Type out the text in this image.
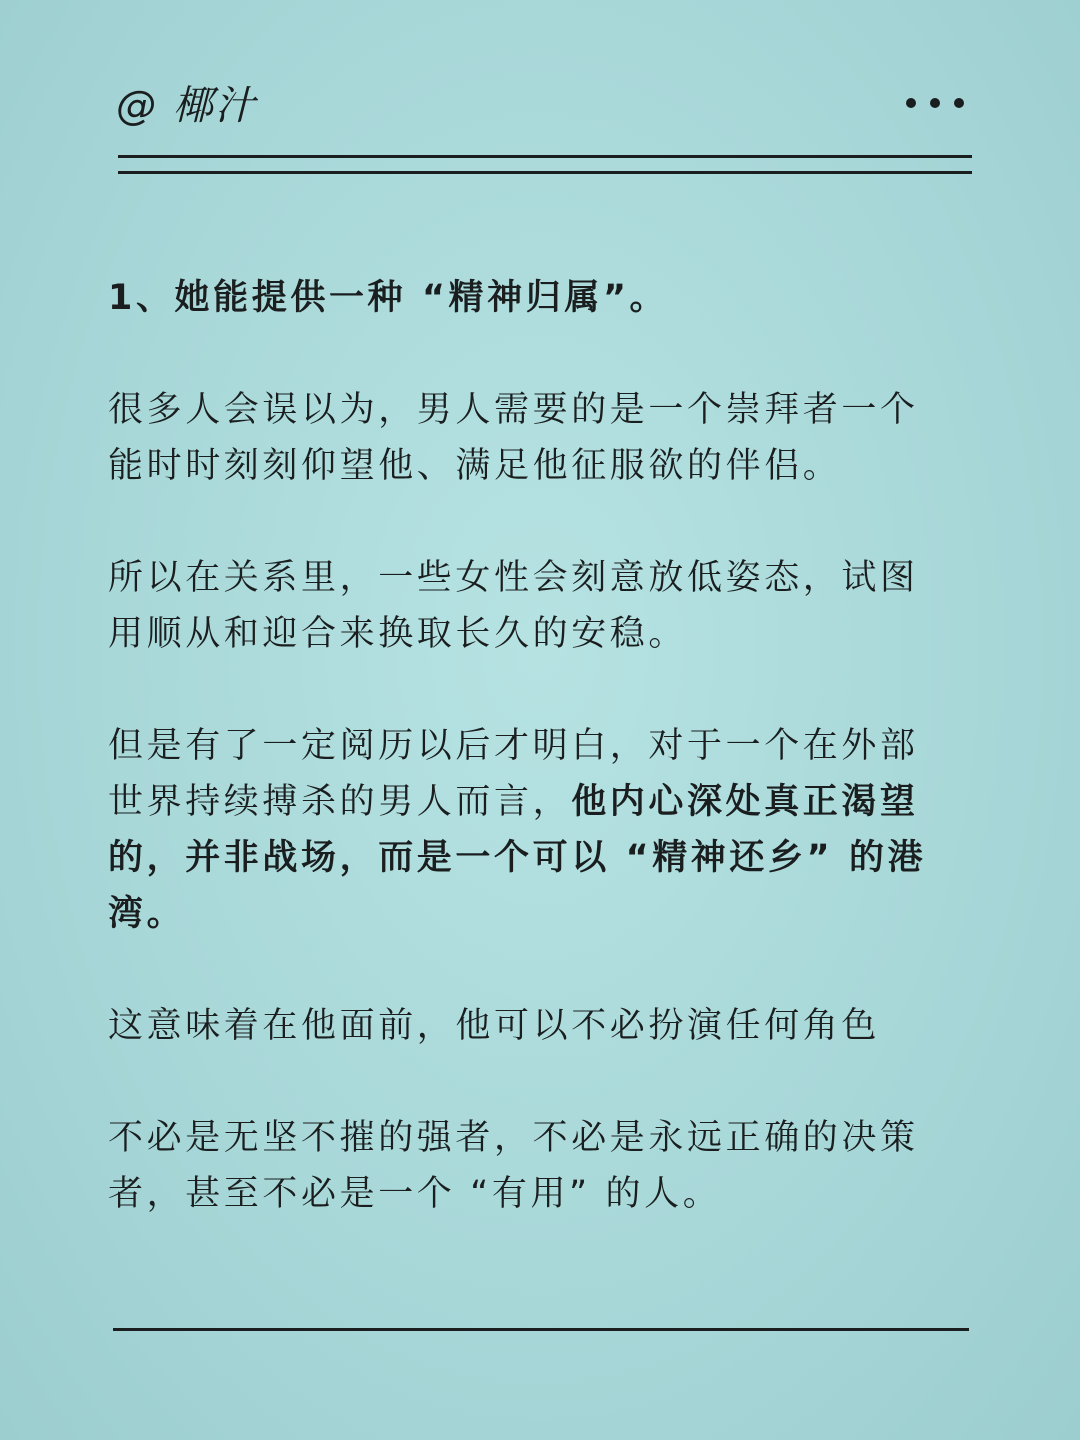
@ 椰汁

1、她能提供一种 “精神归属”。

很多人会误以为，男人需要的是一个崇拜者一个能时时刻刻仰望他、满足他征服欲的伴侣。

所以在关系里，一些女性会刻意放低姿态，试图用顺从和迎合来换取长久的安稳。

但是有了一定阅历以后才明白，对于一个在外部世界持续搏杀的男人而言，他内心深处真正渴望的，并非战场，而是一个可以 “精神还乡” 的港湾。

这意味着在他面前，他可以不必扮演任何角色

不必是无坚不摧的强者，不必是永远正确的决策者，甚至不必是一个 “有用” 的人。
